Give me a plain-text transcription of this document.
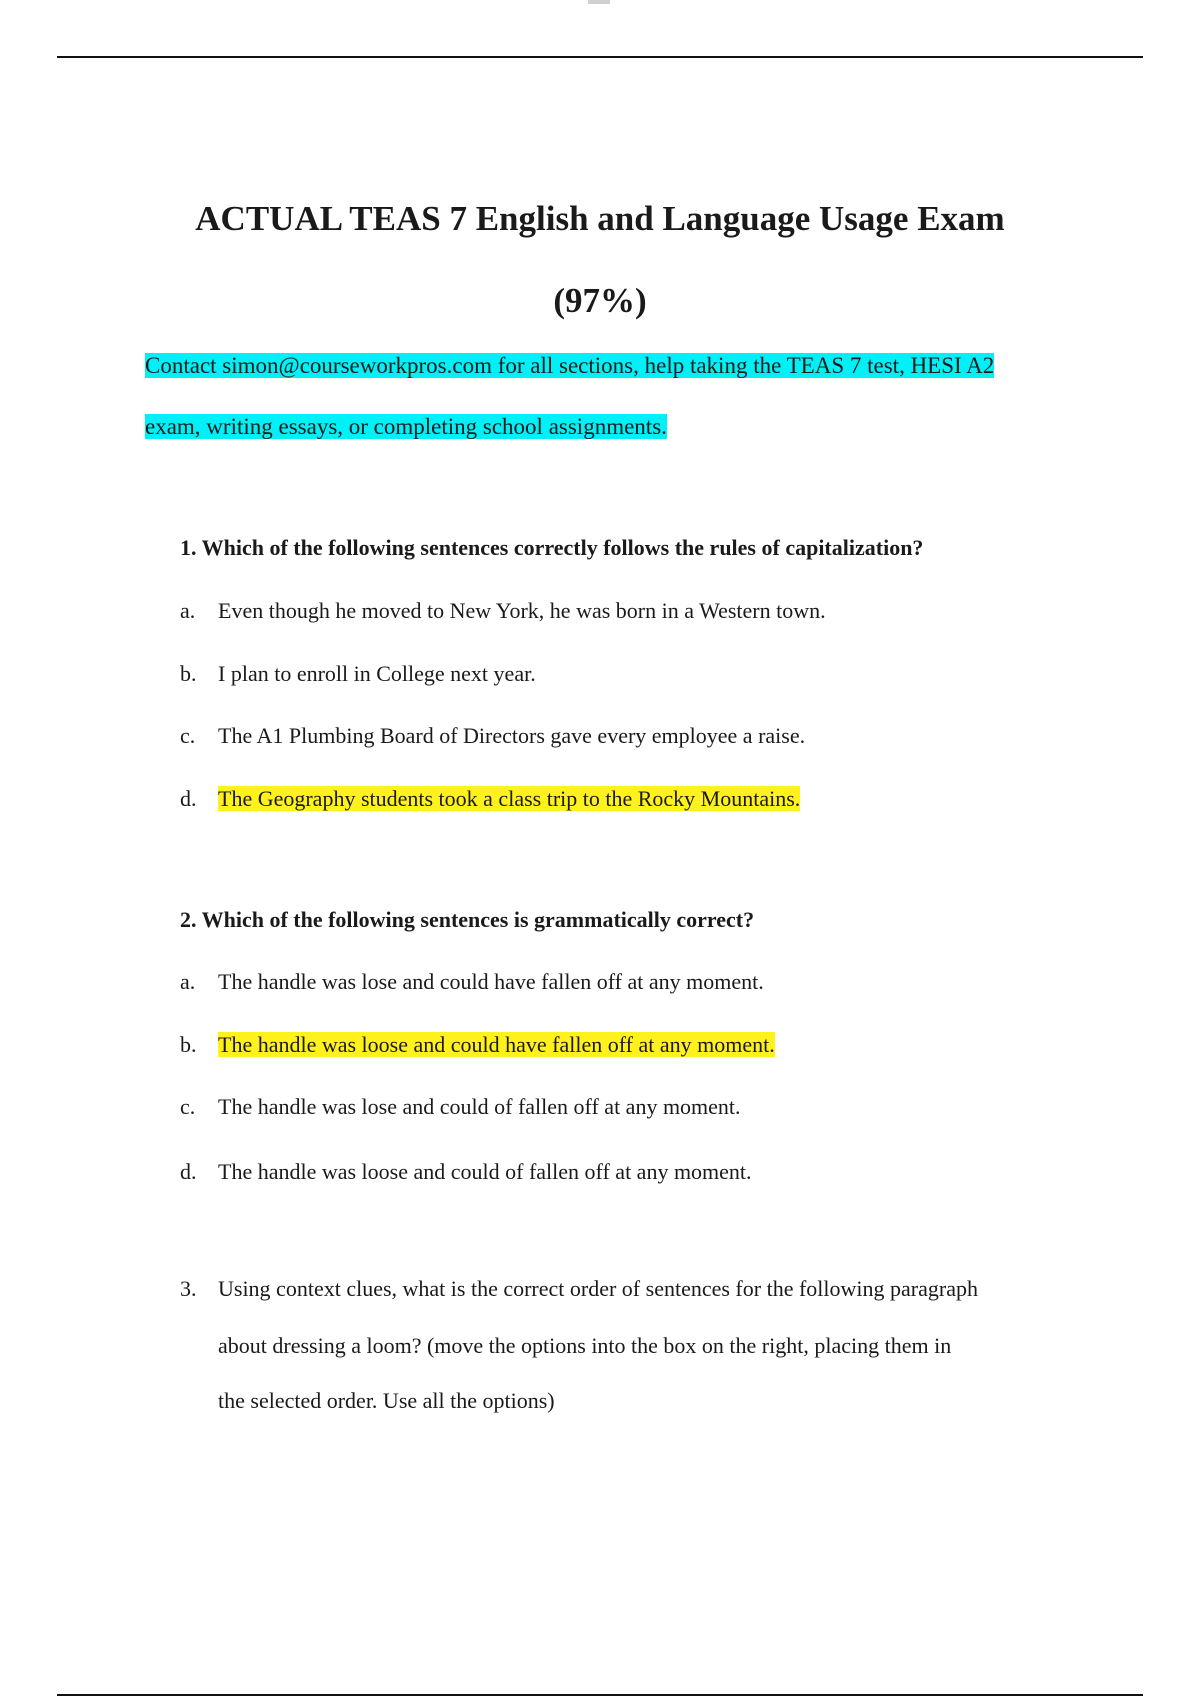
ACTUAL TEAS 7 English and Language Usage Exam
(97%)
Contact simon@courseworkpros.com for all sections, help taking the TEAS 7 test, HESI A2
exam, writing essays, or completing school assignments.
1. Which of the following sentences correctly follows the rules of capitalization?
a. Even though he moved to New York, he was born in a Western town.
b. I plan to enroll in College next year.
c. The A1 Plumbing Board of Directors gave every employee a raise.
d. The Geography students took a class trip to the Rocky Mountains.
2. Which of the following sentences is grammatically correct?
a. The handle was lose and could have fallen off at any moment.
b. The handle was loose and could have fallen off at any moment.
c. The handle was lose and could of fallen off at any moment.
d. The handle was loose and could of fallen off at any moment.
3. Using context clues, what is the correct order of sentences for the following paragraph
about dressing a loom? (move the options into the box on the right, placing them in
the selected order. Use all the options)
